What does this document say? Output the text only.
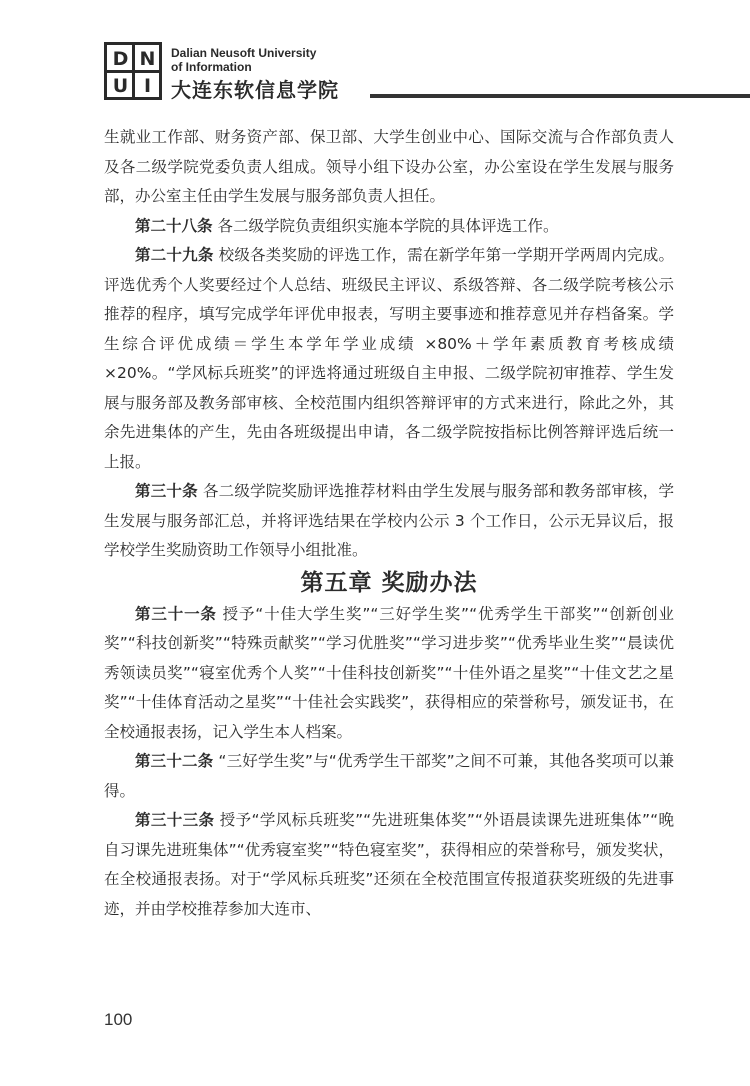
D N
U I
Dalian Neusoft University
of Information
大连东软信息学院

生就业工作部、财务资产部、保卫部、大学生创业中心、国际交流与合作部负责人及各二级学院党委负责人组成。领导小组下设办公室，办公室设在学生发展与服务部，办公室主任由学生发展与服务部负责人担任。

第二十八条 各二级学院负责组织实施本学院的具体评选工作。

第二十九条 校级各类奖励的评选工作，需在新学年第一学期开学两周内完成。评选优秀个人奖要经过个人总结、班级民主评议、系级答辩、各二级学院考核公示推荐的程序，填写完成学年评优申报表，写明主要事迹和推荐意见并存档备案。学生综合评优成绩＝学生本学年学业成绩 ×80%＋学年素质教育考核成绩 ×20%。“学风标兵班奖”的评选将通过班级自主申报、二级学院初审推荐、学生发展与服务部及教务部审核、全校范围内组织答辩评审的方式来进行，除此之外，其余先进集体的产生，先由各班级提出申请，各二级学院按指标比例答辩评选后统一上报。

第三十条 各二级学院奖励评选推荐材料由学生发展与服务部和教务部审核，学生发展与服务部汇总，并将评选结果在学校内公示 3 个工作日，公示无异议后，报学校学生奖励资助工作领导小组批准。

第五章 奖励办法

第三十一条 授予“十佳大学生奖”“三好学生奖”“优秀学生干部奖”“创新创业奖”“科技创新奖”“特殊贡献奖”“学习优胜奖”“学习进步奖”“优秀毕业生奖”“晨读优秀领读员奖”“寝室优秀个人奖”“十佳科技创新奖”“十佳外语之星奖”“十佳文艺之星奖”“十佳体育活动之星奖”“十佳社会实践奖”，获得相应的荣誉称号，颁发证书，在全校通报表扬，记入学生本人档案。

第三十二条 “三好学生奖”与“优秀学生干部奖”之间不可兼，其他各奖项可以兼得。

第三十三条 授予“学风标兵班奖”“先进班集体奖”“外语晨读课先进班集体”“晚自习课先进班集体”“优秀寝室奖”“特色寝室奖”，获得相应的荣誉称号，颁发奖状，在全校通报表扬。对于“学风标兵班奖”还须在全校范围宣传报道获奖班级的先进事迹，并由学校推荐参加大连市、

100
